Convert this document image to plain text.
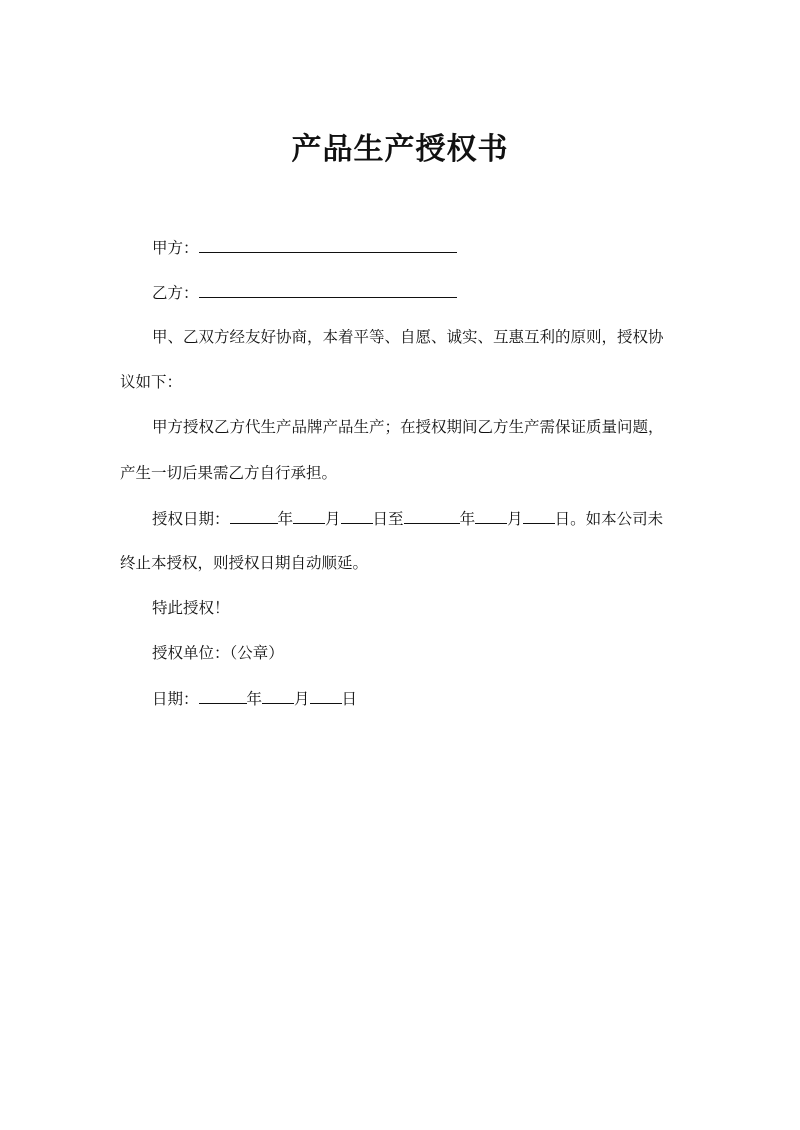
产品生产授权书
甲方：
乙方：
甲、乙双方经友好协商，本着平等、自愿、诚实、互惠互利的原则，授权协
议如下：
甲方授权乙方代生产品牌产品生产；在授权期间乙方生产需保证质量问题，
产生一切后果需乙方自行承担。
授权日期：	年 月 日至	年 月 日。如本公司未
终止本授权，则授权日期自动顺延。
特此授权！
授权单位：（公章）
日期：	年 月 日
